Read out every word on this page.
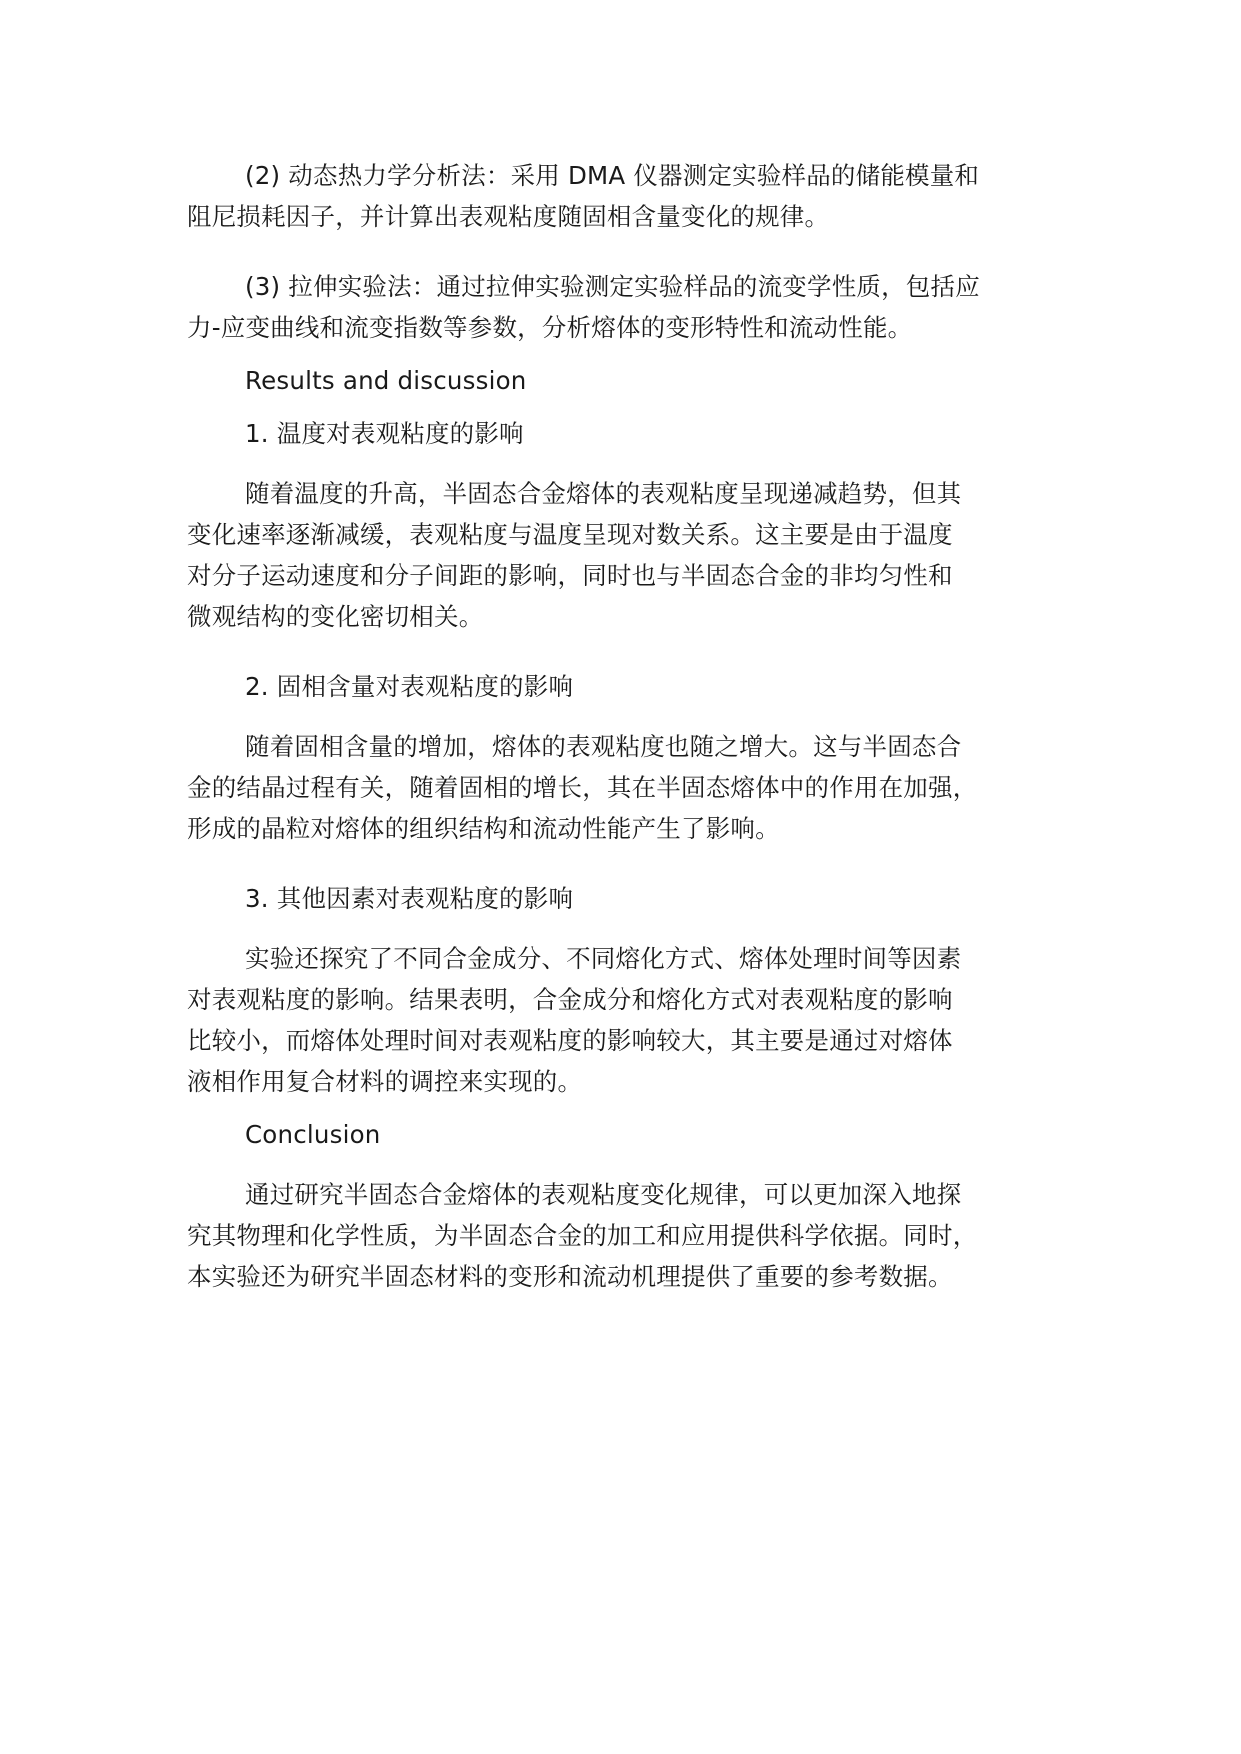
(2) 动态热力学分析法：采用 DMA 仪器测定实验样品的储能模量和
阻尼损耗因子，并计算出表观粘度随固相含量变化的规律。
(3) 拉伸实验法：通过拉伸实验测定实验样品的流变学性质，包括应
力-应变曲线和流变指数等参数，分析熔体的变形特性和流动性能。
Results and discussion
1. 温度对表观粘度的影响
随着温度的升高，半固态合金熔体的表观粘度呈现递减趋势，但其
变化速率逐渐减缓，表观粘度与温度呈现对数关系。这主要是由于温度
对分子运动速度和分子间距的影响，同时也与半固态合金的非均匀性和
微观结构的变化密切相关。
2. 固相含量对表观粘度的影响
随着固相含量的增加，熔体的表观粘度也随之增大。这与半固态合
金的结晶过程有关，随着固相的增长，其在半固态熔体中的作用在加强，
形成的晶粒对熔体的组织结构和流动性能产生了影响。
3. 其他因素对表观粘度的影响
实验还探究了不同合金成分、不同熔化方式、熔体处理时间等因素
对表观粘度的影响。结果表明，合金成分和熔化方式对表观粘度的影响
比较小，而熔体处理时间对表观粘度的影响较大，其主要是通过对熔体
液相作用复合材料的调控来实现的。
Conclusion
通过研究半固态合金熔体的表观粘度变化规律，可以更加深入地探
究其物理和化学性质，为半固态合金的加工和应用提供科学依据。同时，
本实验还为研究半固态材料的变形和流动机理提供了重要的参考数据。
